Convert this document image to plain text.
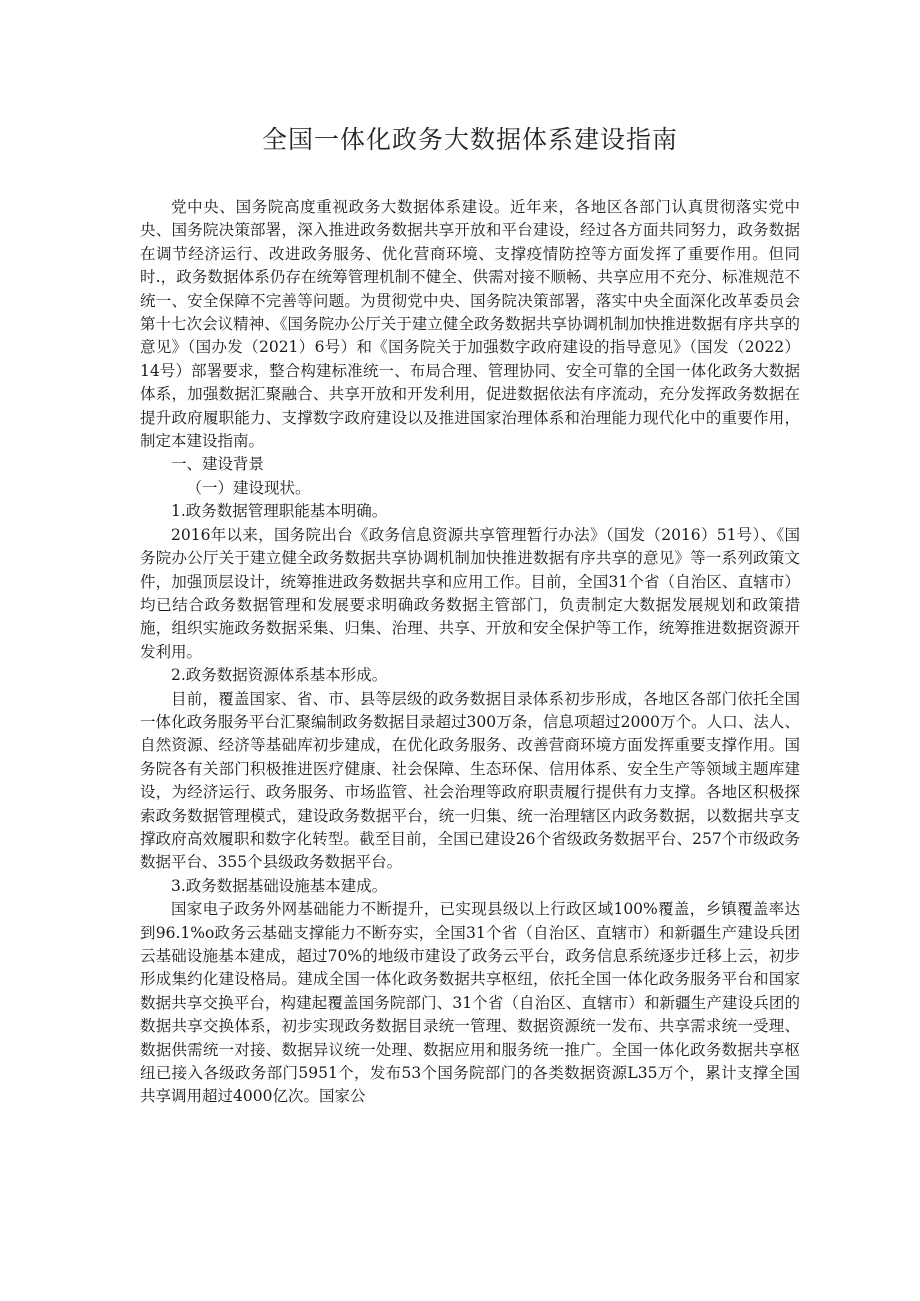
全国一体化政务大数据体系建设指南

党中央、国务院高度重视政务大数据体系建设。近年来，各地区各部门认真贯彻落实党中央、国务院决策部署，深入推进政务数据共享开放和平台建设，经过各方面共同努力，政务数据在调节经济运行、改进政务服务、优化营商环境、支撑疫情防控等方面发挥了重要作用。但同时.，政务数据体系仍存在统筹管理机制不健全、供需对接不顺畅、共享应用不充分、标准规范不统一、安全保障不完善等问题。为贯彻党中央、国务院决策部署，落实中央全面深化改革委员会第十七次会议精神、《国务院办公厅关于建立健全政务数据共享协调机制加快推进数据有序共享的意见》（国办发（2021）6号）和《国务院关于加强数字政府建设的指导意见》（国发（2022）14号）部署要求，整合构建标准统一、布局合理、管理协同、安全可靠的全国一体化政务大数据体系，加强数据汇聚融合、共享开放和开发利用，促进数据依法有序流动，充分发挥政务数据在提升政府履职能力、支撑数字政府建设以及推进国家治理体系和治理能力现代化中的重要作用，制定本建设指南。

一、建设背景

（一）建设现状。

1.政务数据管理职能基本明确。

2016年以来，国务院出台《政务信息资源共享管理暂行办法》（国发（2016）51号）、《国务院办公厅关于建立健全政务数据共享协调机制加快推进数据有序共享的意见》等一系列政策文件，加强顶层设计，统筹推进政务数据共享和应用工作。目前，全国31个省（自治区、直辖市）均已结合政务数据管理和发展要求明确政务数据主管部门，负责制定大数据发展规划和政策措施，组织实施政务数据采集、归集、治理、共享、开放和安全保护等工作，统筹推进数据资源开发利用。

2.政务数据资源体系基本形成。

目前，覆盖国家、省、市、县等层级的政务数据目录体系初步形成，各地区各部门依托全国一体化政务服务平台汇聚编制政务数据目录超过300万条，信息项超过2000万个。人口、法人、自然资源、经济等基础库初步建成，在优化政务服务、改善营商环境方面发挥重要支撑作用。国务院各有关部门积极推进医疗健康、社会保障、生态环保、信用体系、安全生产等领域主题库建设，为经济运行、政务服务、市场监管、社会治理等政府职责履行提供有力支撑。各地区积极探索政务数据管理模式，建设政务数据平台，统一归集、统一治理辖区内政务数据，以数据共享支撑政府高效履职和数字化转型。截至目前，全国已建设26个省级政务数据平台、257个市级政务数据平台、355个县级政务数据平台。

3.政务数据基础设施基本建成。

国家电子政务外网基础能力不断提升，已实现县级以上行政区域100%覆盖，乡镇覆盖率达到96.1%o政务云基础支撑能力不断夯实，全国31个省（自治区、直辖市）和新疆生产建设兵团云基础设施基本建成，超过70%的地级市建设了政务云平台，政务信息系统逐步迁移上云，初步形成集约化建设格局。建成全国一体化政务数据共享枢纽，依托全国一体化政务服务平台和国家数据共享交换平台，构建起覆盖国务院部门、31个省（自治区、直辖市）和新疆生产建设兵团的数据共享交换体系，初步实现政务数据目录统一管理、数据资源统一发布、共享需求统一受理、数据供需统一对接、数据异议统一处理、数据应用和服务统一推广。全国一体化政务数据共享枢纽已接入各级政务部门5951个，发布53个国务院部门的各类数据资源L35万个，累计支撑全国共享调用超过4000亿次。国家公
